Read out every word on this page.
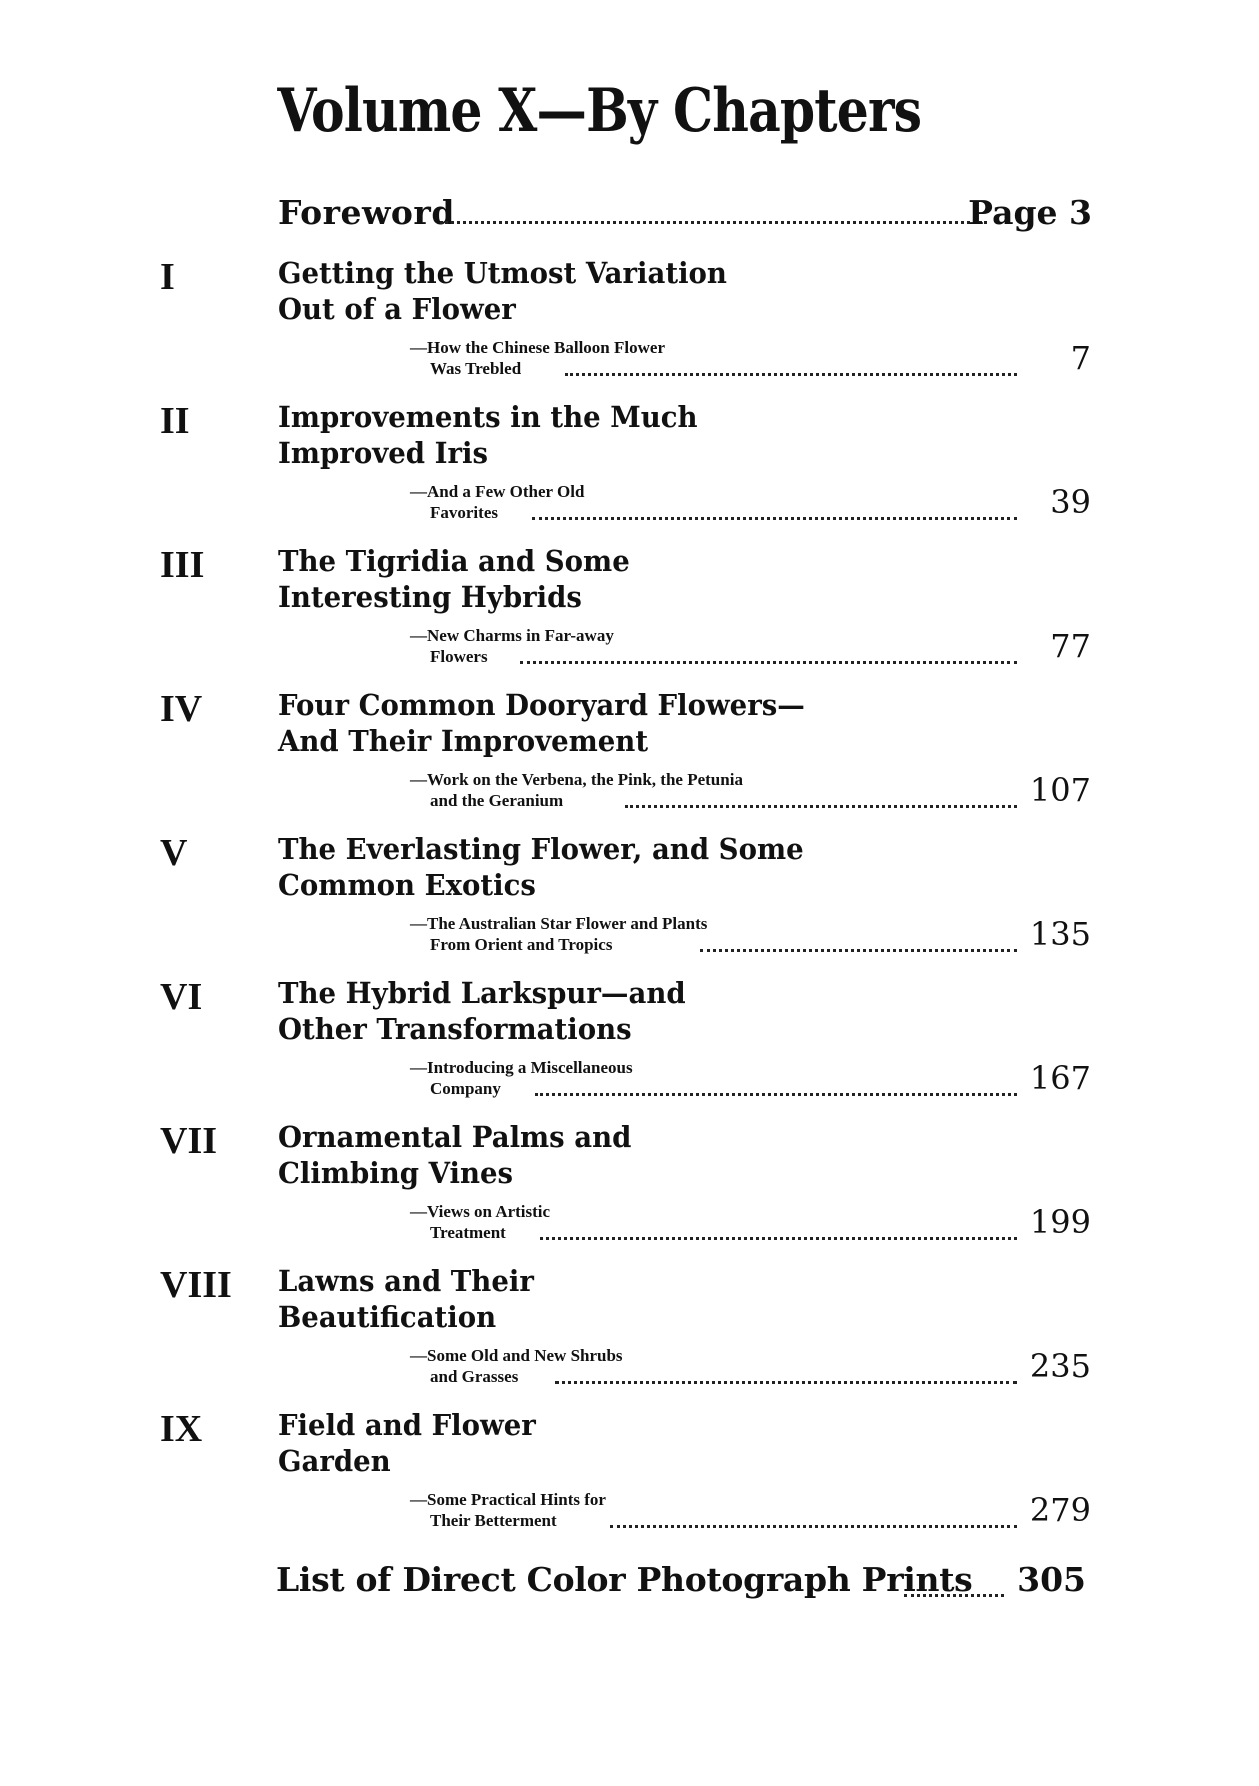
Volume X—By Chapters
Foreword	Page 3
I	Getting the Utmost Variation
Out of a Flower
—How the Chinese Balloon Flower
Was Trebled	7
II	Improvements in the Much
Improved Iris
—And a Few Other Old
Favorites	39
III	The Tigridia and Some
Interesting Hybrids
—New Charms in Far-away
Flowers	77
IV	Four Common Dooryard Flowers—
And Their Improvement
—Work on the Verbena, the Pink, the Petunia
and the Geranium	107
V	The Everlasting Flower, and Some
Common Exotics
—The Australian Star Flower and Plants
From Orient and Tropics	135
VI	The Hybrid Larkspur—and
Other Transformations
—Introducing a Miscellaneous
Company	167
VII Ornamental Palms and
Climbing Vines
—Views on Artistic
Treatment	199
VIII Lawns and Their
Beautification
—Some Old and New Shrubs
and Grasses	235
IX	Field and Flower
Garden
—Some Practical Hints for
Their Betterment	279
List of Direct Color Photograph Prints 305
